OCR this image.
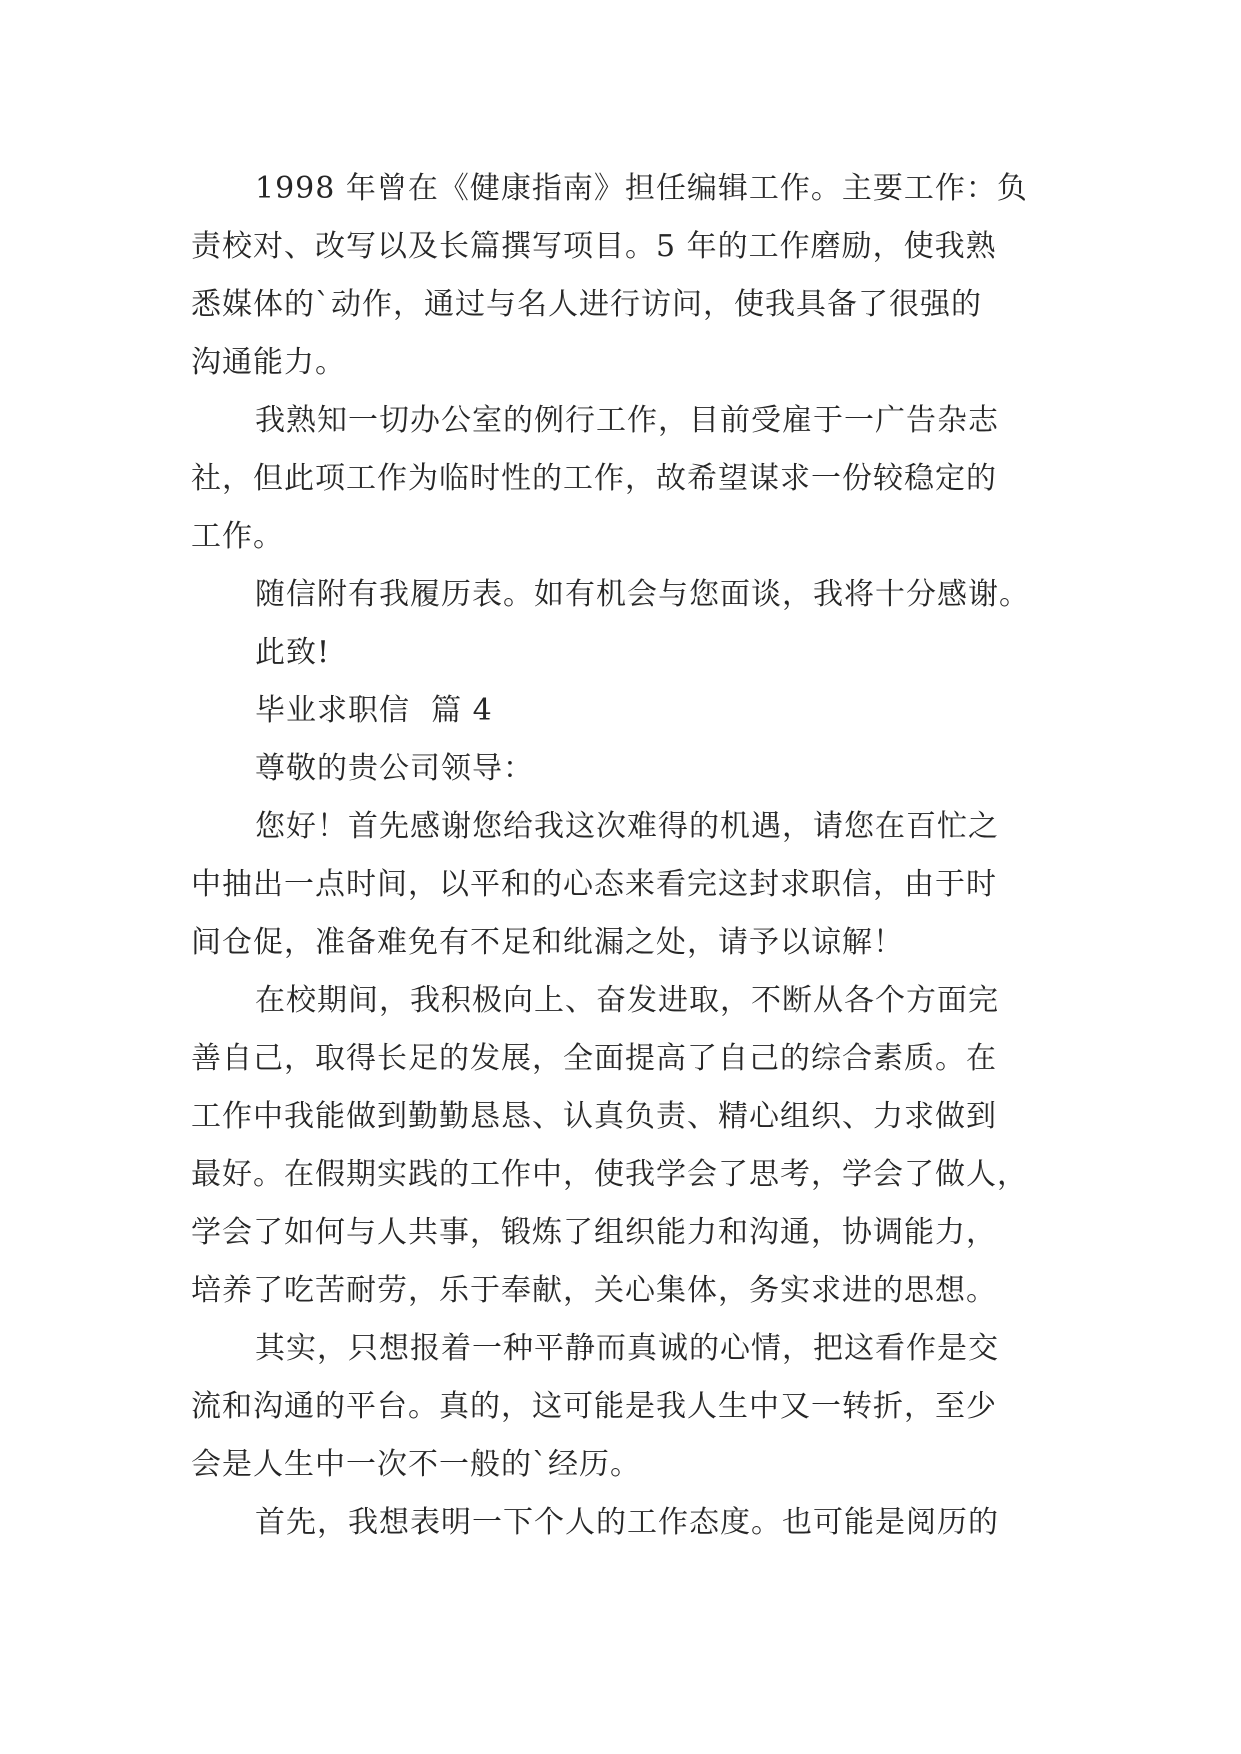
1998 年曾在《健康指南》担任编辑工作。主要工作：负
责校对、改写以及长篇撰写项目。5 年的工作磨励，使我熟
悉媒体的`动作，通过与名人进行访问，使我具备了很强的
沟通能力。
我熟知一切办公室的例行工作，目前受雇于一广告杂志
社，但此项工作为临时性的工作，故希望谋求一份较稳定的
工作。
随信附有我履历表。如有机会与您面谈，我将十分感谢。
此致!
毕业求职信  篇 4
尊敬的贵公司领导：
您好！首先感谢您给我这次难得的机遇，请您在百忙之
中抽出一点时间，以平和的心态来看完这封求职信，由于时
间仓促，准备难免有不足和纰漏之处，请予以谅解！
在校期间，我积极向上、奋发进取，不断从各个方面完
善自己，取得长足的发展，全面提高了自己的综合素质。在
工作中我能做到勤勤恳恳、认真负责、精心组织、力求做到
最好。在假期实践的工作中，使我学会了思考，学会了做人，
学会了如何与人共事，锻炼了组织能力和沟通，协调能力，
培养了吃苦耐劳，乐于奉献，关心集体，务实求进的思想。
其实，只想报着一种平静而真诚的心情，把这看作是交
流和沟通的平台。真的，这可能是我人生中又一转折，至少
会是人生中一次不一般的`经历。
首先，我想表明一下个人的工作态度。也可能是阅历的
